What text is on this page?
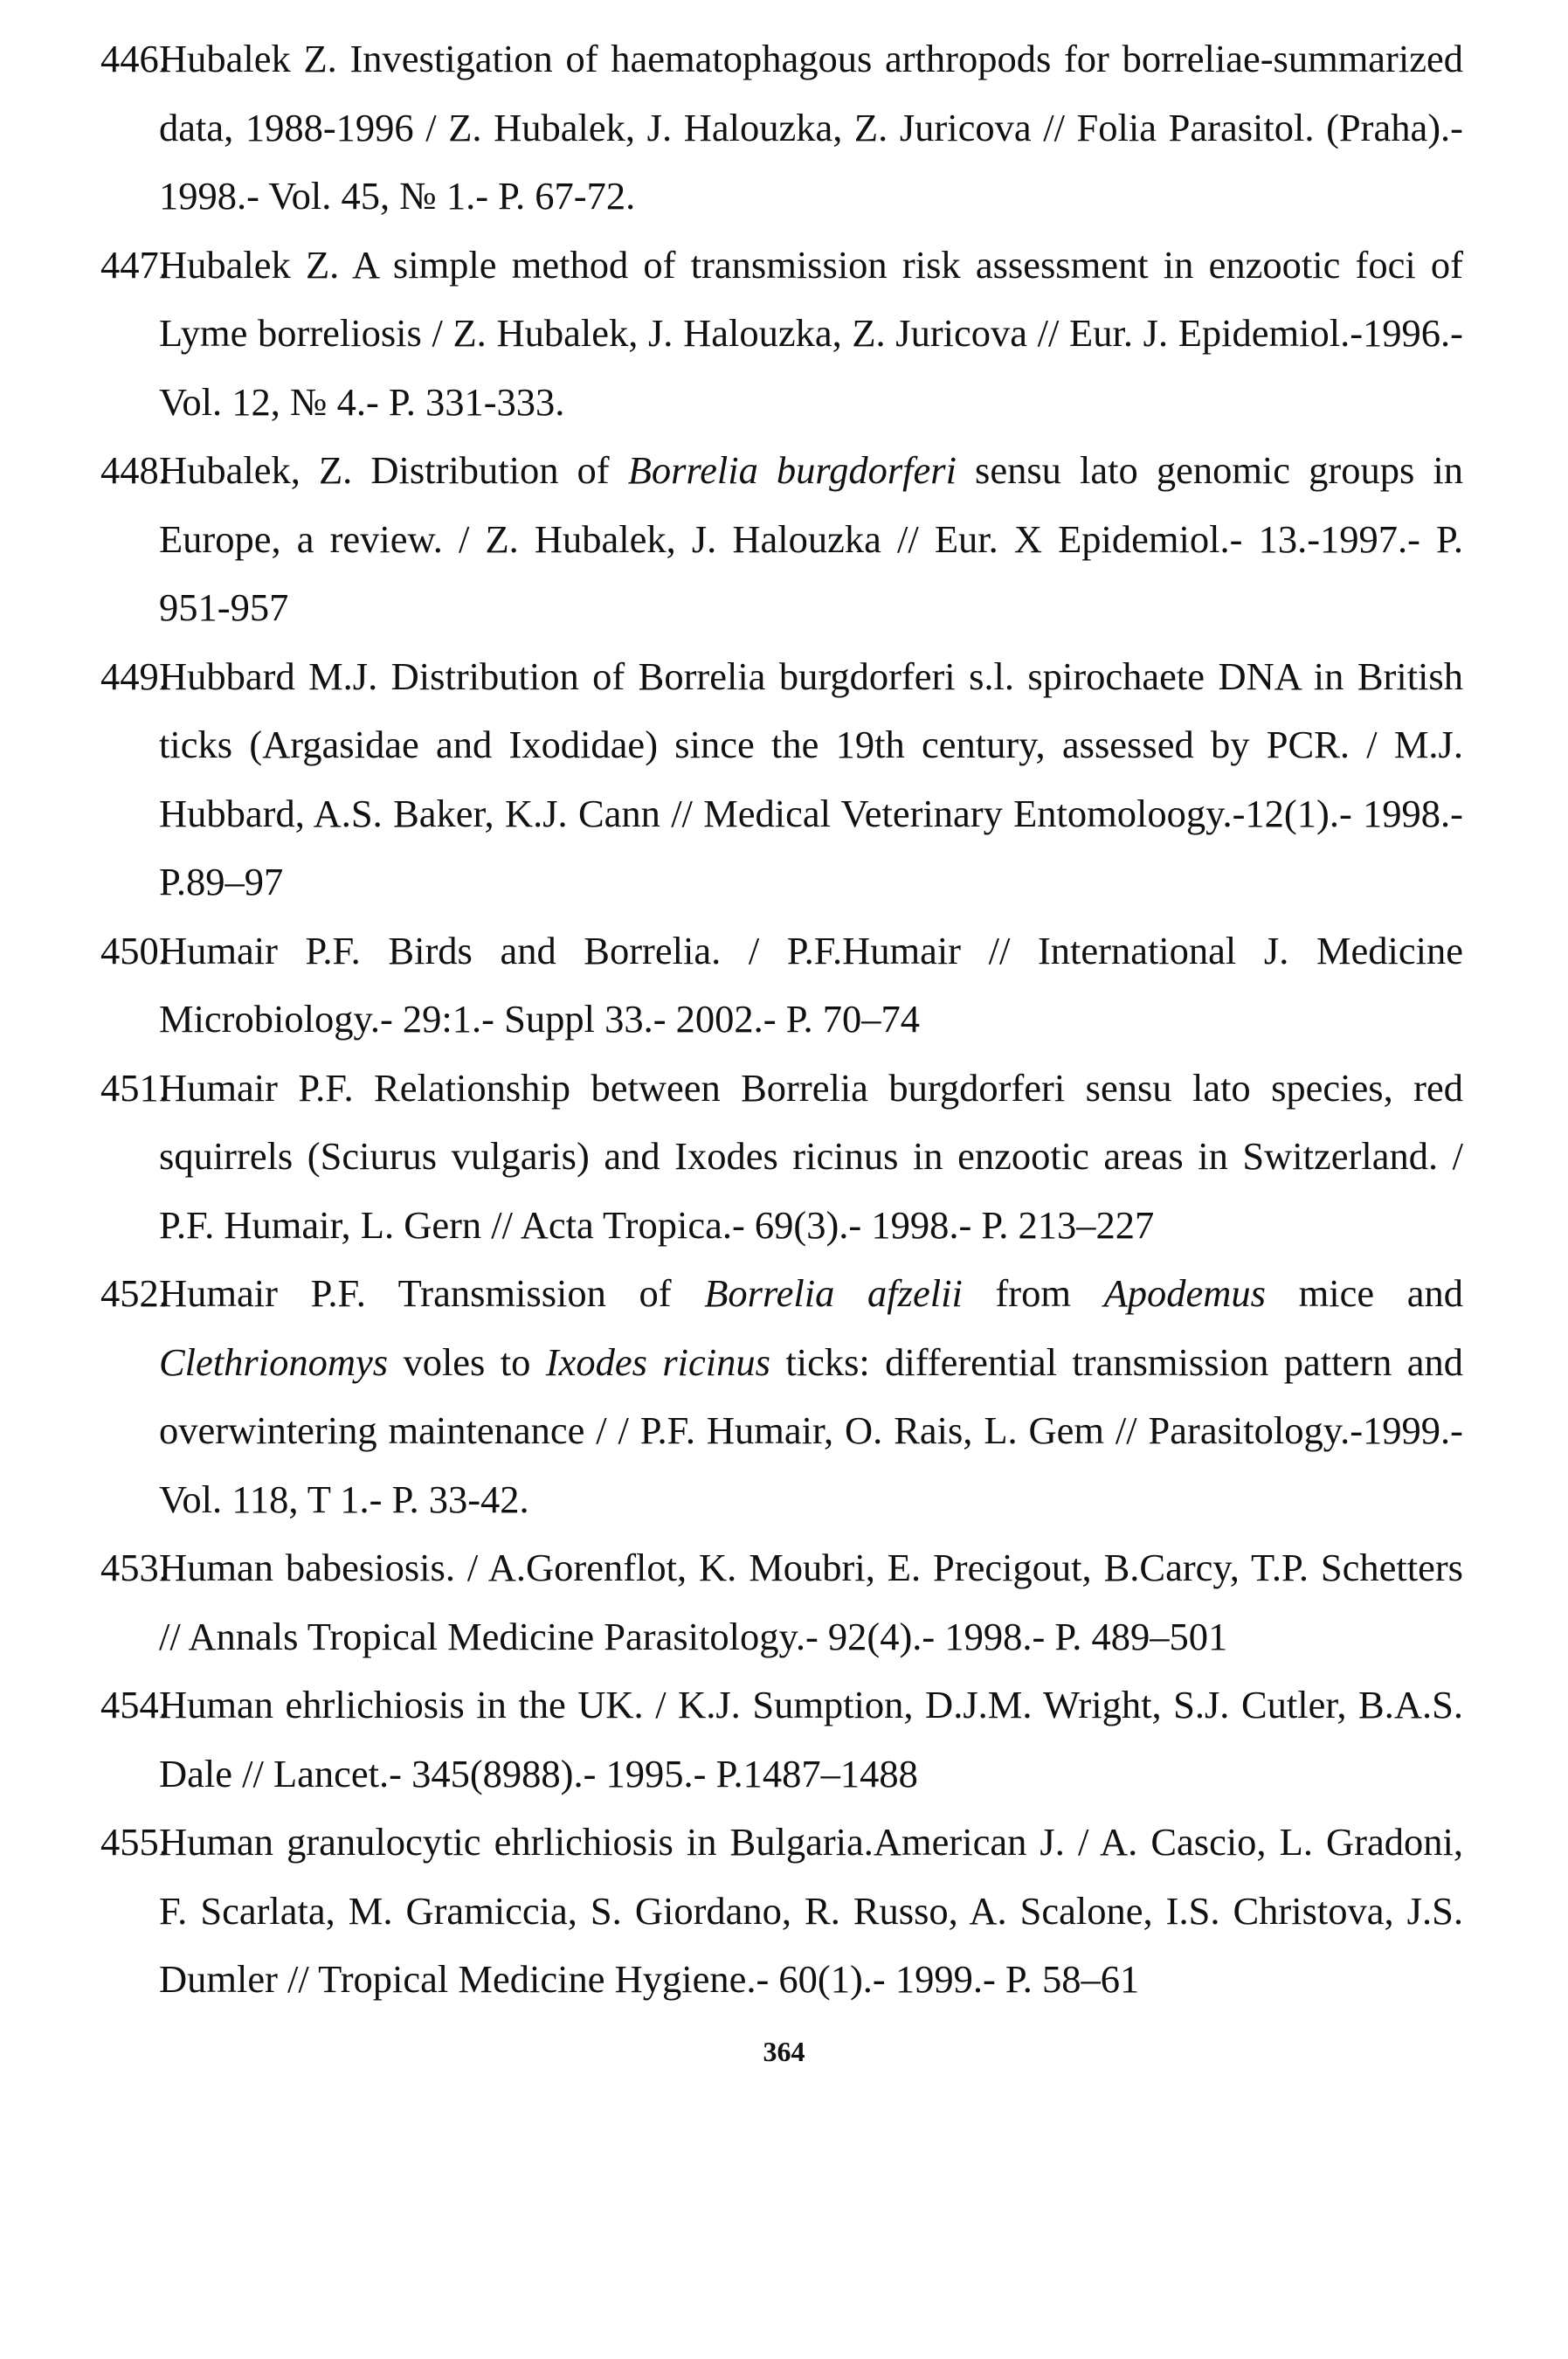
446.
Hubalek Z. Investigation of haematophagous arthropods for borreliae-summarized data, 1988-1996 / Z. Hubalek, J. Halouzka, Z. Juricova // Folia Parasitol. (Praha).- 1998.- Vol. 45, № 1.- P. 67-72.
447.
Hubalek Z. A simple method of transmission risk assessment in enzootic foci of Lyme borreliosis / Z. Hubalek, J. Halouzka, Z. Juricova // Eur. J. Epidemiol.-1996.- Vol. 12, № 4.- P. 331-333.
448.
Hubalek, Z. Distribution of Borrelia burgdorferi sensu lato genomic groups in Europe, a review. / Z. Hubalek, J. Halouzka // Eur. X Epidemiol.- 13.-1997.- P. 951-957
449.
Hubbard M.J. Distribution of Borrelia burgdorferi s.l. spirochaete DNA in British ticks (Argasidae and Ixodidae) since the 19th century, assessed by PCR. / M.J. Hubbard, A.S. Baker, K.J. Cann // Medical Veterinary Entomoloogy.-12(1).- 1998.- P.89–97
450.
Humair P.F. Birds and Borrelia. / P.F.Humair // International J. Medicine Microbiology.- 29:1.- Suppl 33.- 2002.- P. 70–74
451.
Humair P.F. Relationship between Borrelia burgdorferi sensu lato species, red squirrels (Sciurus vulgaris) and Ixodes ricinus in enzootic areas in Switzerland. / P.F. Humair, L. Gern // Acta Tropica.- 69(3).- 1998.- P. 213–227
452.
Humair P.F. Transmission of Borrelia afzelii from Apodemus mice and Clethrionomys voles to Ixodes ricinus ticks: differential transmission pattern and overwintering maintenance / / P.F. Humair, O. Rais, L. Gem // Parasitology.-1999.- Vol. 118, T 1.- P. 33-42.
453.
Human babesiosis. / A.Gorenflot, K. Moubri, E. Precigout, B.Carcy, T.P. Schetters // Annals Tropical Medicine Parasitology.- 92(4).- 1998.- P. 489–501
454.
Human ehrlichiosis in the UK. / K.J. Sumption, D.J.M. Wright, S.J. Cutler, B.A.S. Dale // Lancet.- 345(8988).- 1995.- P.1487–1488
455.
Human granulocytic ehrlichiosis in Bulgaria.American J. / A. Cascio, L. Gradoni, F. Scarlata, M. Gramiccia, S. Giordano, R. Russo, A. Scalone, I.S. Christova, J.S. Dumler // Tropical Medicine Hygiene.- 60(1).- 1999.- P. 58–61
364
